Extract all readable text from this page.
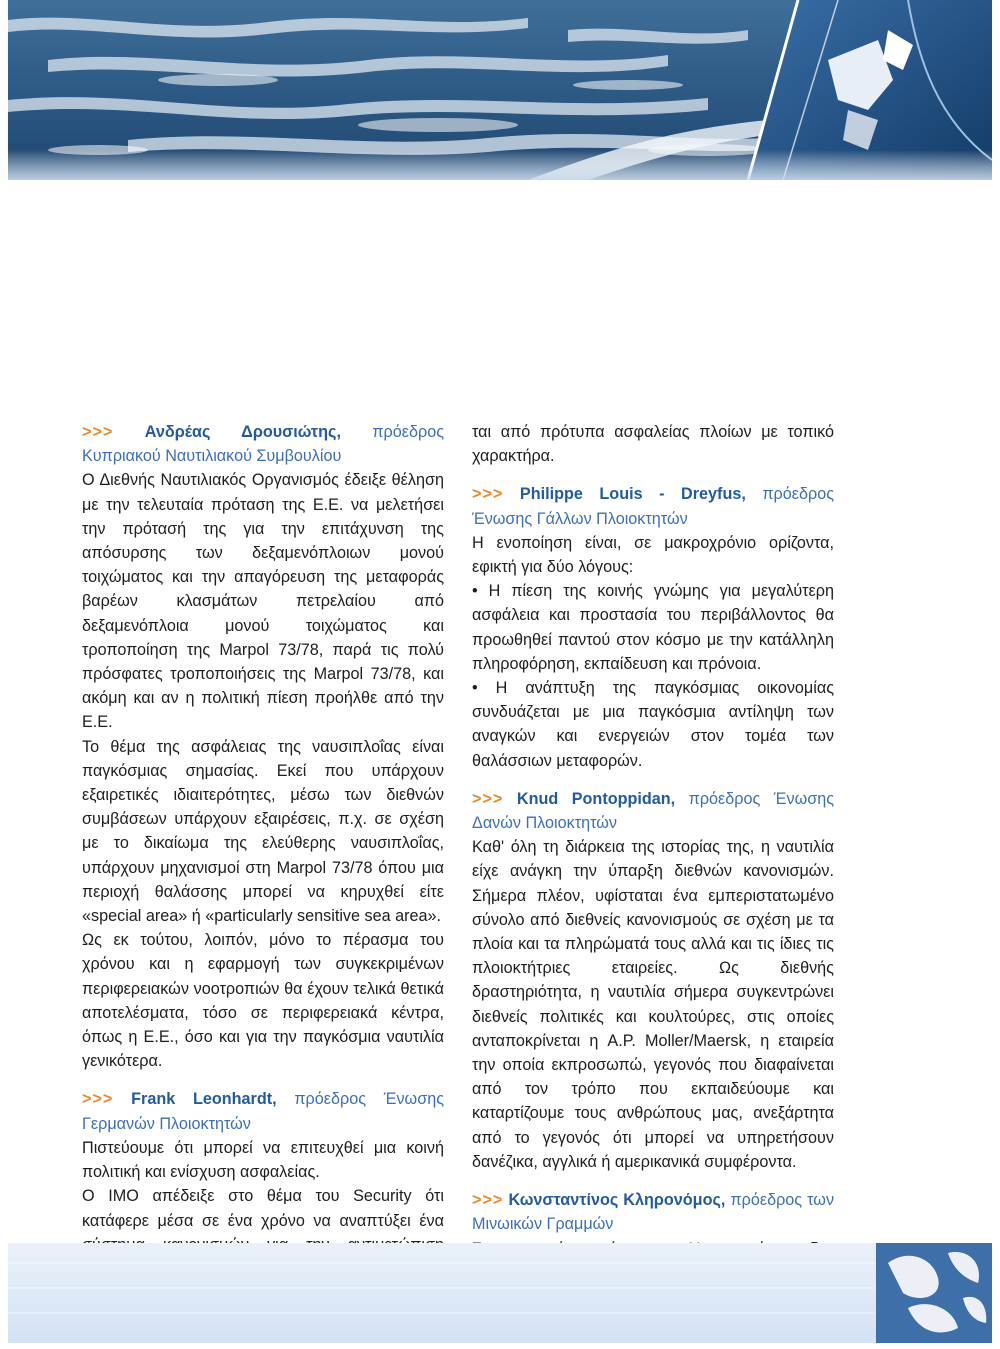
>>> Ανδρέας Δρουσιώτης, πρόεδρος Κυπριακού Ναυτιλιακού Συμβουλίου

Ο Διεθνής Ναυτιλιακός Οργανισμός έδειξε θέληση με την τελευταία πρόταση της Ε.Ε. να μελετήσει την πρότασή της για την επιτάχυνση της απόσυρσης των δεξαμενόπλοιων μονού τοιχώματος και την απαγόρευση της μεταφοράς βαρέων κλασμάτων πετρελαίου από δεξαμενόπλοια μονού τοιχώματος και τροποποίηση της Marpol 73/78, παρά τις πολύ πρόσφατες τροποποιήσεις της Marpol 73/78, και ακόμη και αν η πολιτική πίεση προήλθε από την Ε.Ε.

Το θέμα της ασφάλειας της ναυσιπλοΐας είναι παγκόσμιας σημασίας. Εκεί που υπάρχουν εξαιρετικές ιδιαιτερότητες, μέσω των διεθνών συμβάσεων υπάρχουν εξαιρέσεις, π.χ. σε σχέση με το δικαίωμα της ελεύθερης ναυσιπλοΐας, υπάρχουν μηχανισμοί στη Marpol 73/78 όπου μια περιοχή θαλάσσης μπορεί να κηρυχθεί είτε «special area» ή «particularly sensitive sea area».

Ως εκ τούτου, λοιπόν, μόνο το πέρασμα του χρόνου και η εφαρμογή των συγκεκριμένων περιφερειακών νοοτροπιών θα έχουν τελικά θετικά αποτελέσματα, τόσο σε περιφερειακά κέντρα, όπως η Ε.Ε., όσο και για την παγκόσμια ναυτιλία γενικότερα.

>>> Frank Leonhardt, πρόεδρος Ένωσης Γερμανών Πλοιοκτητών

Πιστεύουμε ότι μπορεί να επιτευχθεί μια κοινή πολιτική και ενίσχυση ασφαλείας.

Ο ΙΜΟ απέδειξε στο θέμα του Security ότι κατάφερε μέσα σε ένα χρόνο να αναπτύξει ένα

ται από πρότυπα ασφαλείας πλοίων με τοπικό χαρακτήρα.

>>> Philippe Louis - Dreyfus, πρόεδρος Ένωσης Γάλλων Πλοιοκτητών

Η ενοποίηση είναι, σε μακροχρόνιο ορίζοντα, εφικτή για δύο λόγους:

• Η πίεση της κοινής γνώμης για μεγαλύτερη ασφάλεια και προστασία του περιβάλλοντος θα προωθηθεί παντού στον κόσμο με την κατάλληλη πληροφόρηση, εκπαίδευση και πρόνοια.

• Η ανάπτυξη της παγκόσμιας οικονομίας συνδυάζεται με μια παγκόσμια αντίληψη των αναγκών και ενεργειών στον τομέα των θαλάσσιων μεταφορών.

>>> Knud Pontoppidan, πρόεδρος Ένωσης Δανών Πλοιοκτητών

Καθ' όλη τη διάρκεια της ιστορίας της, η ναυτιλία είχε ανάγκη την ύπαρξη διεθνών κανονισμών. Σήμερα πλέον, υφίσταται ένα εμπεριστατωμένο σύνολο από διεθνείς κανονισμούς σε σχέση με τα πλοία και τα πληρώματά τους αλλά και τις ίδιες τις πλοιοκτήτριες εταιρείες. Ως διεθνής δραστηριότητα, η ναυτιλία σήμερα συγκεντρώνει διεθνείς πολιτικές και κουλτούρες, στις οποίες ανταποκρίνεται η A.P. Moller/Maersk, η εταιρεία την οποία εκπροσωπώ, γεγονός που διαφαίνεται από τον τρόπο που εκπαιδεύουμε και καταρτίζουμε τους ανθρώπους μας, ανεξάρτητα από το γεγονός ότι μπορεί να υπηρετήσουν δανέζικα, αγγλικά ή αμερικανικά συμφέροντα.

>>> Κωνσταντίνος Κληρονόμος, πρόεδρος των Μινωικών Γραμμών
